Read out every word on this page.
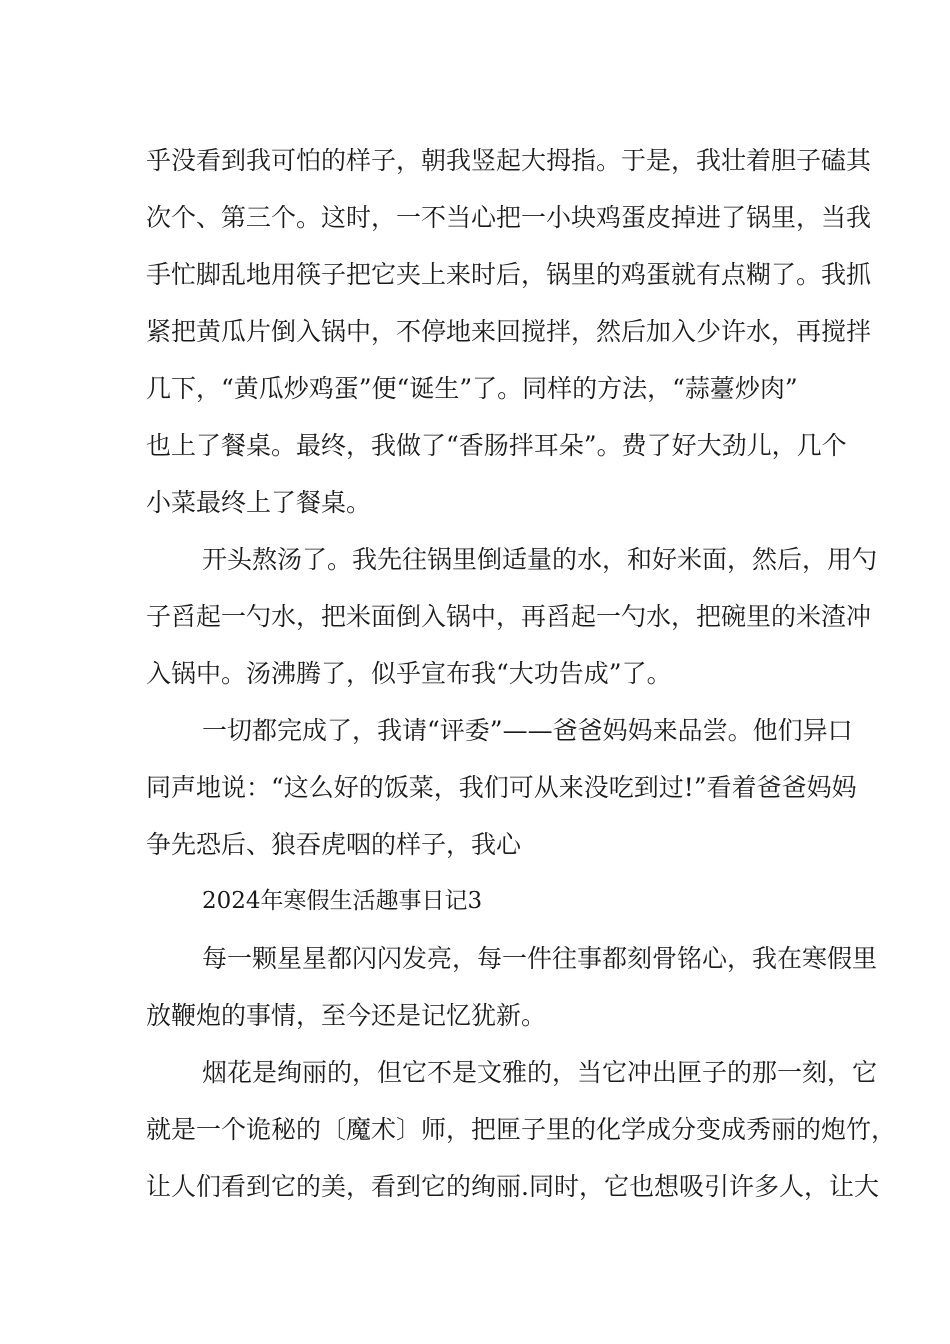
乎没看到我可怕的样子，朝我竖起大拇指。于是，我壮着胆子磕其
次个、第三个。这时，一不当心把一小块鸡蛋皮掉进了锅里，当我
手忙脚乱地用筷子把它夹上来时后，锅里的鸡蛋就有点糊了。我抓
紧把黄瓜片倒入锅中，不停地来回搅拌，然后加入少许水，再搅拌
几下，“黄瓜炒鸡蛋”便“诞生”了。同样的方法，“蒜薹炒肉”
也上了餐桌。最终，我做了“香肠拌耳朵”。费了好大劲儿，几个
小菜最终上了餐桌。
开头熬汤了。我先往锅里倒适量的水，和好米面，然后，用勺
子舀起一勺水，把米面倒入锅中，再舀起一勺水，把碗里的米渣冲
入锅中。汤沸腾了，似乎宣布我“大功告成”了。
一切都完成了，我请“评委”——爸爸妈妈来品尝。他们异口
同声地说：“这么好的饭菜，我们可从来没吃到过!”看着爸爸妈妈
争先恐后、狼吞虎咽的样子，我心
2024年寒假生活趣事日记3
每一颗星星都闪闪发亮，每一件往事都刻骨铭心，我在寒假里
放鞭炮的事情，至今还是记忆犹新。
烟花是绚丽的，但它不是文雅的，当它冲出匣子的那一刻，它
就是一个诡秘的〔魔术〕师，把匣子里的化学成分变成秀丽的炮竹，
让人们看到它的美，看到它的绚丽.同时，它也想吸引许多人，让大
